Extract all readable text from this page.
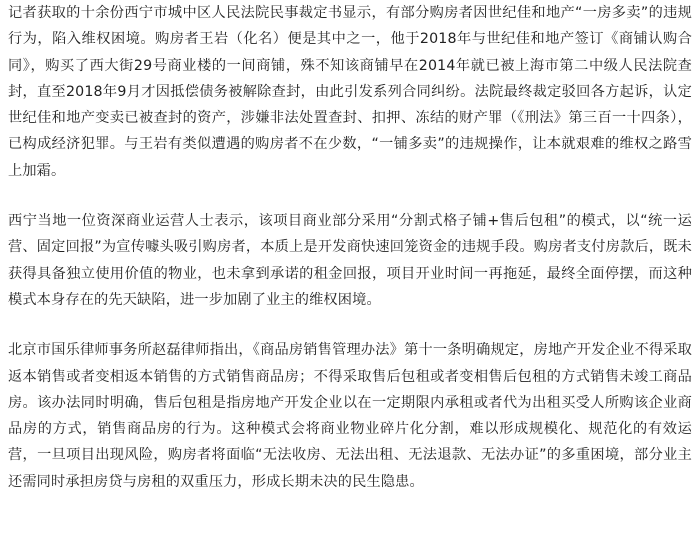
记者获取的十余份西宁市城中区人民法院民事裁定书显示，有部分购房者因世纪佳和地产“一房多卖”的违规行为，陷入维权困境。购房者王岩（化名）便是其中之一，他于2018年与世纪佳和地产签订《商铺认购合同》，购买了西大街29号商业楼的一间商铺，殊不知该商铺早在2014年就已被上海市第二中级人民法院查封，直至2018年9月才因抵偿债务被解除查封，由此引发系列合同纠纷。法院最终裁定驳回各方起诉，认定世纪佳和地产变卖已被查封的资产，涉嫌非法处置查封、扣押、冻结的财产罪（《刑法》第三百一十四条），已构成经济犯罪。与王岩有类似遭遇的购房者不在少数，“一铺多卖”的违规操作，让本就艰难的维权之路雪上加霜。

西宁当地一位资深商业运营人士表示，该项目商业部分采用“分割式格子铺+售后包租”的模式，以“统一运营、固定回报”为宣传噱头吸引购房者，本质上是开发商快速回笼资金的违规手段。购房者支付房款后，既未获得具备独立使用价值的物业，也未拿到承诺的租金回报，项目开业时间一再拖延，最终全面停摆，而这种模式本身存在的先天缺陷，进一步加剧了业主的维权困境。

北京市国乐律师事务所赵磊律师指出，《商品房销售管理办法》第十一条明确规定，房地产开发企业不得采取返本销售或者变相返本销售的方式销售商品房；不得采取售后包租或者变相售后包租的方式销售未竣工商品房。该办法同时明确，售后包租是指房地产开发企业以在一定期限内承租或者代为出租买受人所购该企业商品房的方式，销售商品房的行为。这种模式会将商业物业碎片化分割，难以形成规模化、规范化的有效运营，一旦项目出现风险，购房者将面临“无法收房、无法出租、无法退款、无法办证”的多重困境，部分业主还需同时承担房贷与房租的双重压力，形成长期未决的民生隐患。
